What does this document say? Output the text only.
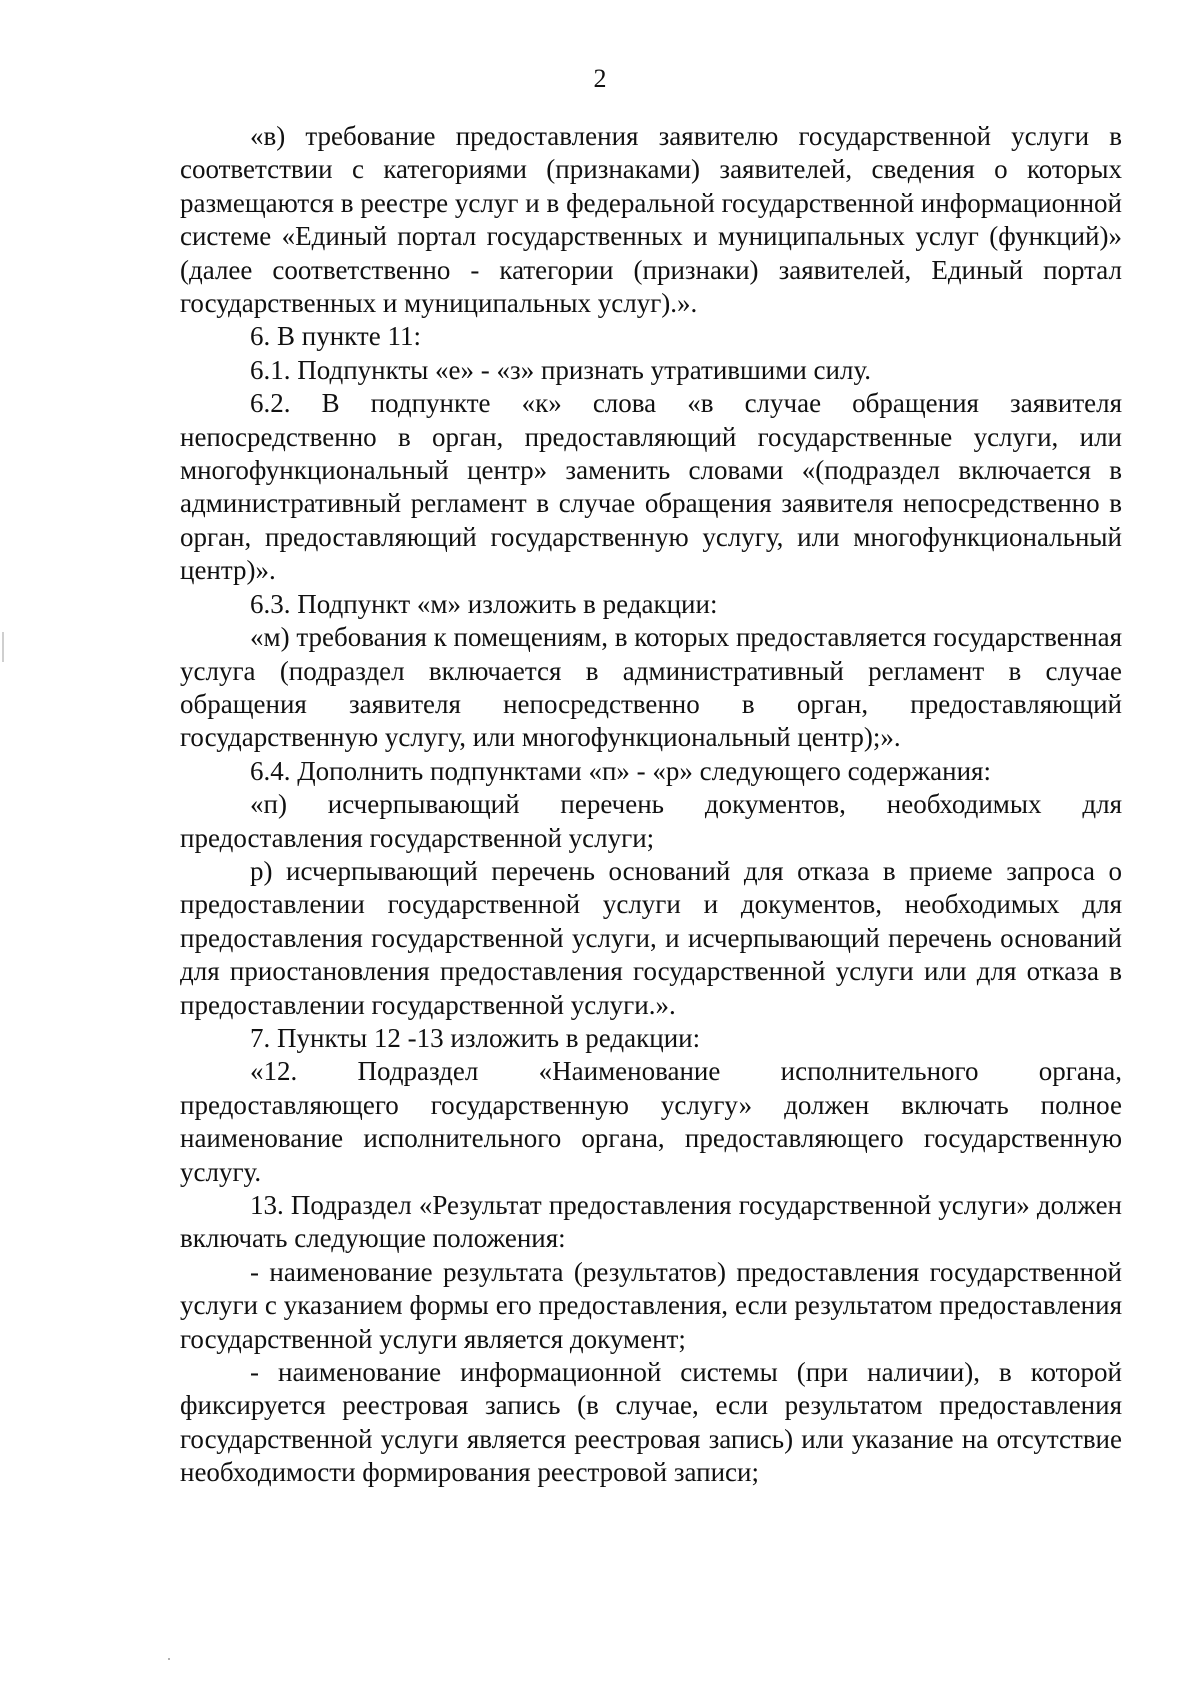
2

«в) требование предоставления заявителю государственной услуги в соответствии с категориями (признаками) заявителей, сведения о которых размещаются в реестре услуг и в федеральной государственной информационной системе «Единый портал государственных и муниципальных услуг (функций)» (далее соответственно - категории (признаки) заявителей, Единый портал государственных и муниципальных услуг).».

6. В пункте 11:

6.1. Подпункты «е» - «з» признать утратившими силу.

6.2. В подпункте «к» слова «в случае обращения заявителя непосредственно в орган, предоставляющий государственные услуги, или многофункциональный центр» заменить словами «(подраздел включается в административный регламент в случае обращения заявителя непосредственно в орган, предоставляющий государственную услугу, или многофункциональный центр)».

6.3. Подпункт «м» изложить в редакции:

«м) требования к помещениям, в которых предоставляется государственная услуга (подраздел включается в административный регламент в случае обращения заявителя непосредственно в орган, предоставляющий государственную услугу, или многофункциональный центр);».

6.4. Дополнить подпунктами «п» - «р» следующего содержания:

«п) исчерпывающий перечень документов, необходимых для предоставления государственной услуги;

р) исчерпывающий перечень оснований для отказа в приеме запроса о предоставлении государственной услуги и документов, необходимых для предоставления государственной услуги, и исчерпывающий перечень оснований для приостановления предоставления государственной услуги или для отказа в предоставлении государственной услуги.».

7. Пункты 12 -13 изложить в редакции:

«12. Подраздел «Наименование исполнительного органа, предоставляющего государственную услугу» должен включать полное наименование исполнительного органа, предоставляющего государственную услугу.

13. Подраздел «Результат предоставления государственной услуги» должен включать следующие положения:

- наименование результата (результатов) предоставления государственной услуги с указанием формы его предоставления, если результатом предоставления государственной услуги является документ;

- наименование информационной системы (при наличии), в которой фиксируется реестровая запись (в случае, если результатом предоставления государственной услуги является реестровая запись) или указание на отсутствие необходимости формирования реестровой записи;
